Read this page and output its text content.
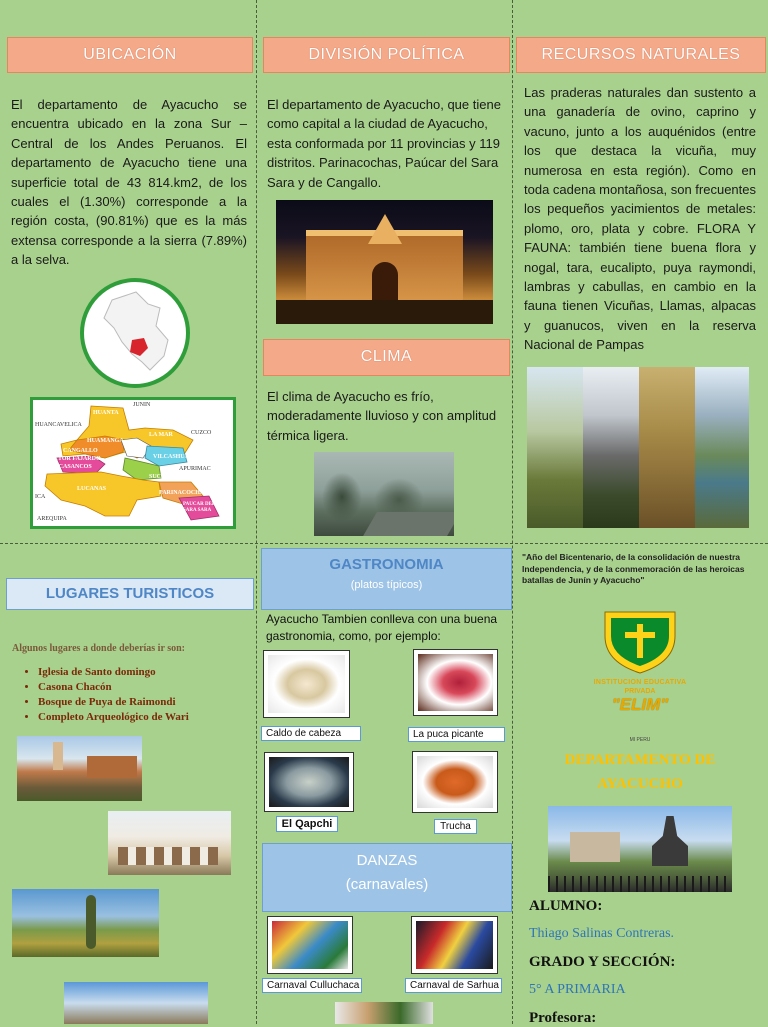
UBICACIÓN
El departamento de Ayacucho se encuentra ubicado en la zona Sur – Central de los Andes Peruanos. El departamento de Ayacucho tiene una superficie total de 43 814.km2, de los cuales el (1.30%) corresponde a la región costa, (90.81%) que es la más extensa corresponde a la sierra (7.89%) a la selva.
JUNIN
HUANCAVELICA
HUANTA
LA MAR	CUZCO
HUAMANGA
CANGALLO
VICTOR FAJARDO	VILCASHUAMAN
HUANCASANCOS
SUCRE
APURIMAC
LUCANAS
PARINACOCHAS
PAUCAR DEL SARA SARA
ICA
AREQUIPA
DIVISIÓN POLÍTICA
El departamento de Ayacucho, que tiene como capital a la ciudad de Ayacucho, esta conformada por 11 provincias y 119 distritos. Parinacochas, Paúcar del Sara Sara y de Cangallo.
CLIMA
El clima de Ayacucho es frío, moderadamente lluvioso y con amplitud térmica ligera.
RECURSOS NATURALES
Las praderas naturales dan sustento a una ganadería de ovino, caprino y vacuno, junto a los auquénidos (entre los que destaca la vicuña, muy numerosa en esta región). Como en toda cadena montañosa, son frecuentes los pequeños yacimientos de metales: plomo, oro, plata y cobre. FLORA Y FAUNA: también tiene buena flora y nogal, tara, eucalipto, puya raymondi, lambras y cabullas, en cambio en la fauna tienen Vicuñas, Llamas, alpacas y guanucos, viven en la reserva Nacional de Pampas
LUGARES TURISTICOS
Algunos lugares a donde deberías ir son:
• Iglesia de Santo domingo
• Casona Chacón
• Bosque de Puya de Raimondi
• Completo Arqueológico de Wari
GASTRONOMIA
(platos típicos)
Ayacucho Tambien conlleva con una buena gastronomia, como, por ejemplo:
Caldo de cabeza	La puca picante
El Qapchi	Trucha
DANZAS
(carnavales)
Carnaval Culluchaca	Carnaval de Sarhua
"Año del Bicentenario, de la consolidación de nuestra Independencia, y de la conmemoración de las heroicas batallas de Junín y Ayacucho"
INSTITUCION EDUCATIVA
PRIVADA
"ELIM"
MI PERU
DEPARTAMENTO DE
AYACUCHO
ALUMNO:
Thiago Salinas Contreras.
GRADO Y SECCIÓN:
5° A PRIMARIA
Profesora:
